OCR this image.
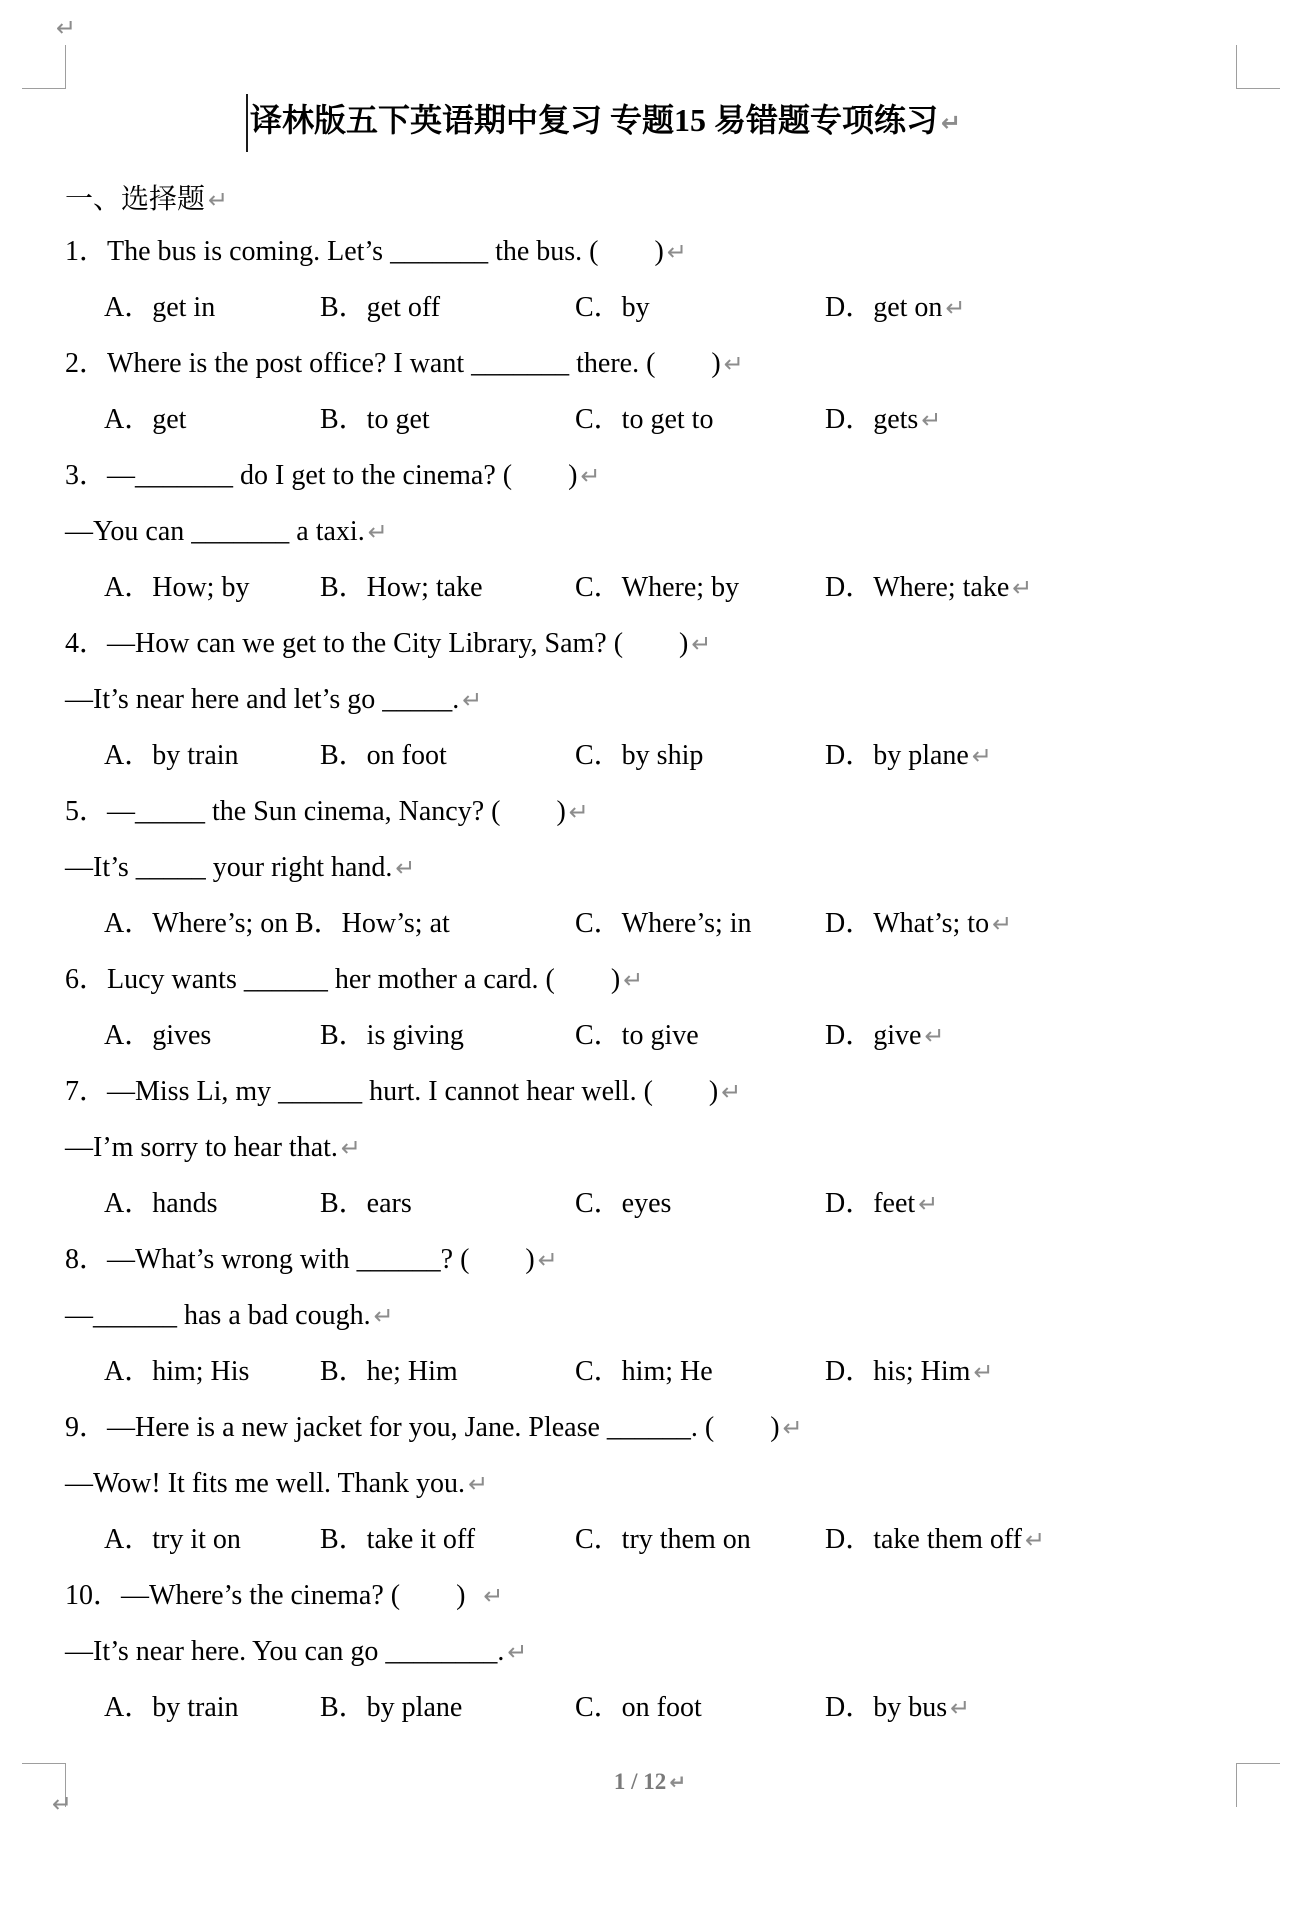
↵
↵
译林版五下英语期中复习 专题15 易错题专项练习 ↵
一、选择题 ↵
1．The bus is coming. Let’s _______ the bus. (　　) ↵

A．get in

	B．get off

	C．by

	D．get on ↵

2．Where is the post office? I want _______ there. (　　) ↵

A．get

	B．to get

	C．to get to

	D．gets ↵

3．—_______ do I get to the cinema? (　　) ↵
—You can _______ a taxi. ↵

A．How; by

	B．How; take

	C．Where; by

	D．Where; take ↵

4．—How can we get to the City Library, Sam? (　　) ↵
—It’s near here and let’s go _____. ↵

A．by train

	B．on foot

	C．by ship

	D．by plane ↵

5．—_____ the Sun cinema, Nancy? (　　) ↵
—It’s _____ your right hand. ↵

A．Where’s; on

B．How’s; at

	C．Where’s; in

	D．What’s; to ↵

6．Lucy wants ______ her mother a card. (　　) ↵

A．gives

	B．is giving

	C．to give

	D．give ↵

7．—Miss Li, my ______ hurt. I cannot hear well. (　　) ↵
—I’m sorry to hear that. ↵

A．hands

	B．ears

	C．eyes

	D．feet ↵

8．—What’s wrong with ______? (　　) ↵
—______ has a bad cough. ↵

A．him; His

	B．he; Him

	C．him; He

	D．his; Him ↵

9．—Here is a new jacket for you, Jane. Please ______. (　　) ↵
—Wow! It fits me well. Thank you. ↵

A．try it on

	B．take it off

	C．try them on

	D．take them off ↵

10．—Where’s the cinema? (　　) ↵
—It’s near here. You can go ________. ↵

A．by train

	B．by plane

	C．on foot

	D．by bus ↵

1 / 12 ↵
